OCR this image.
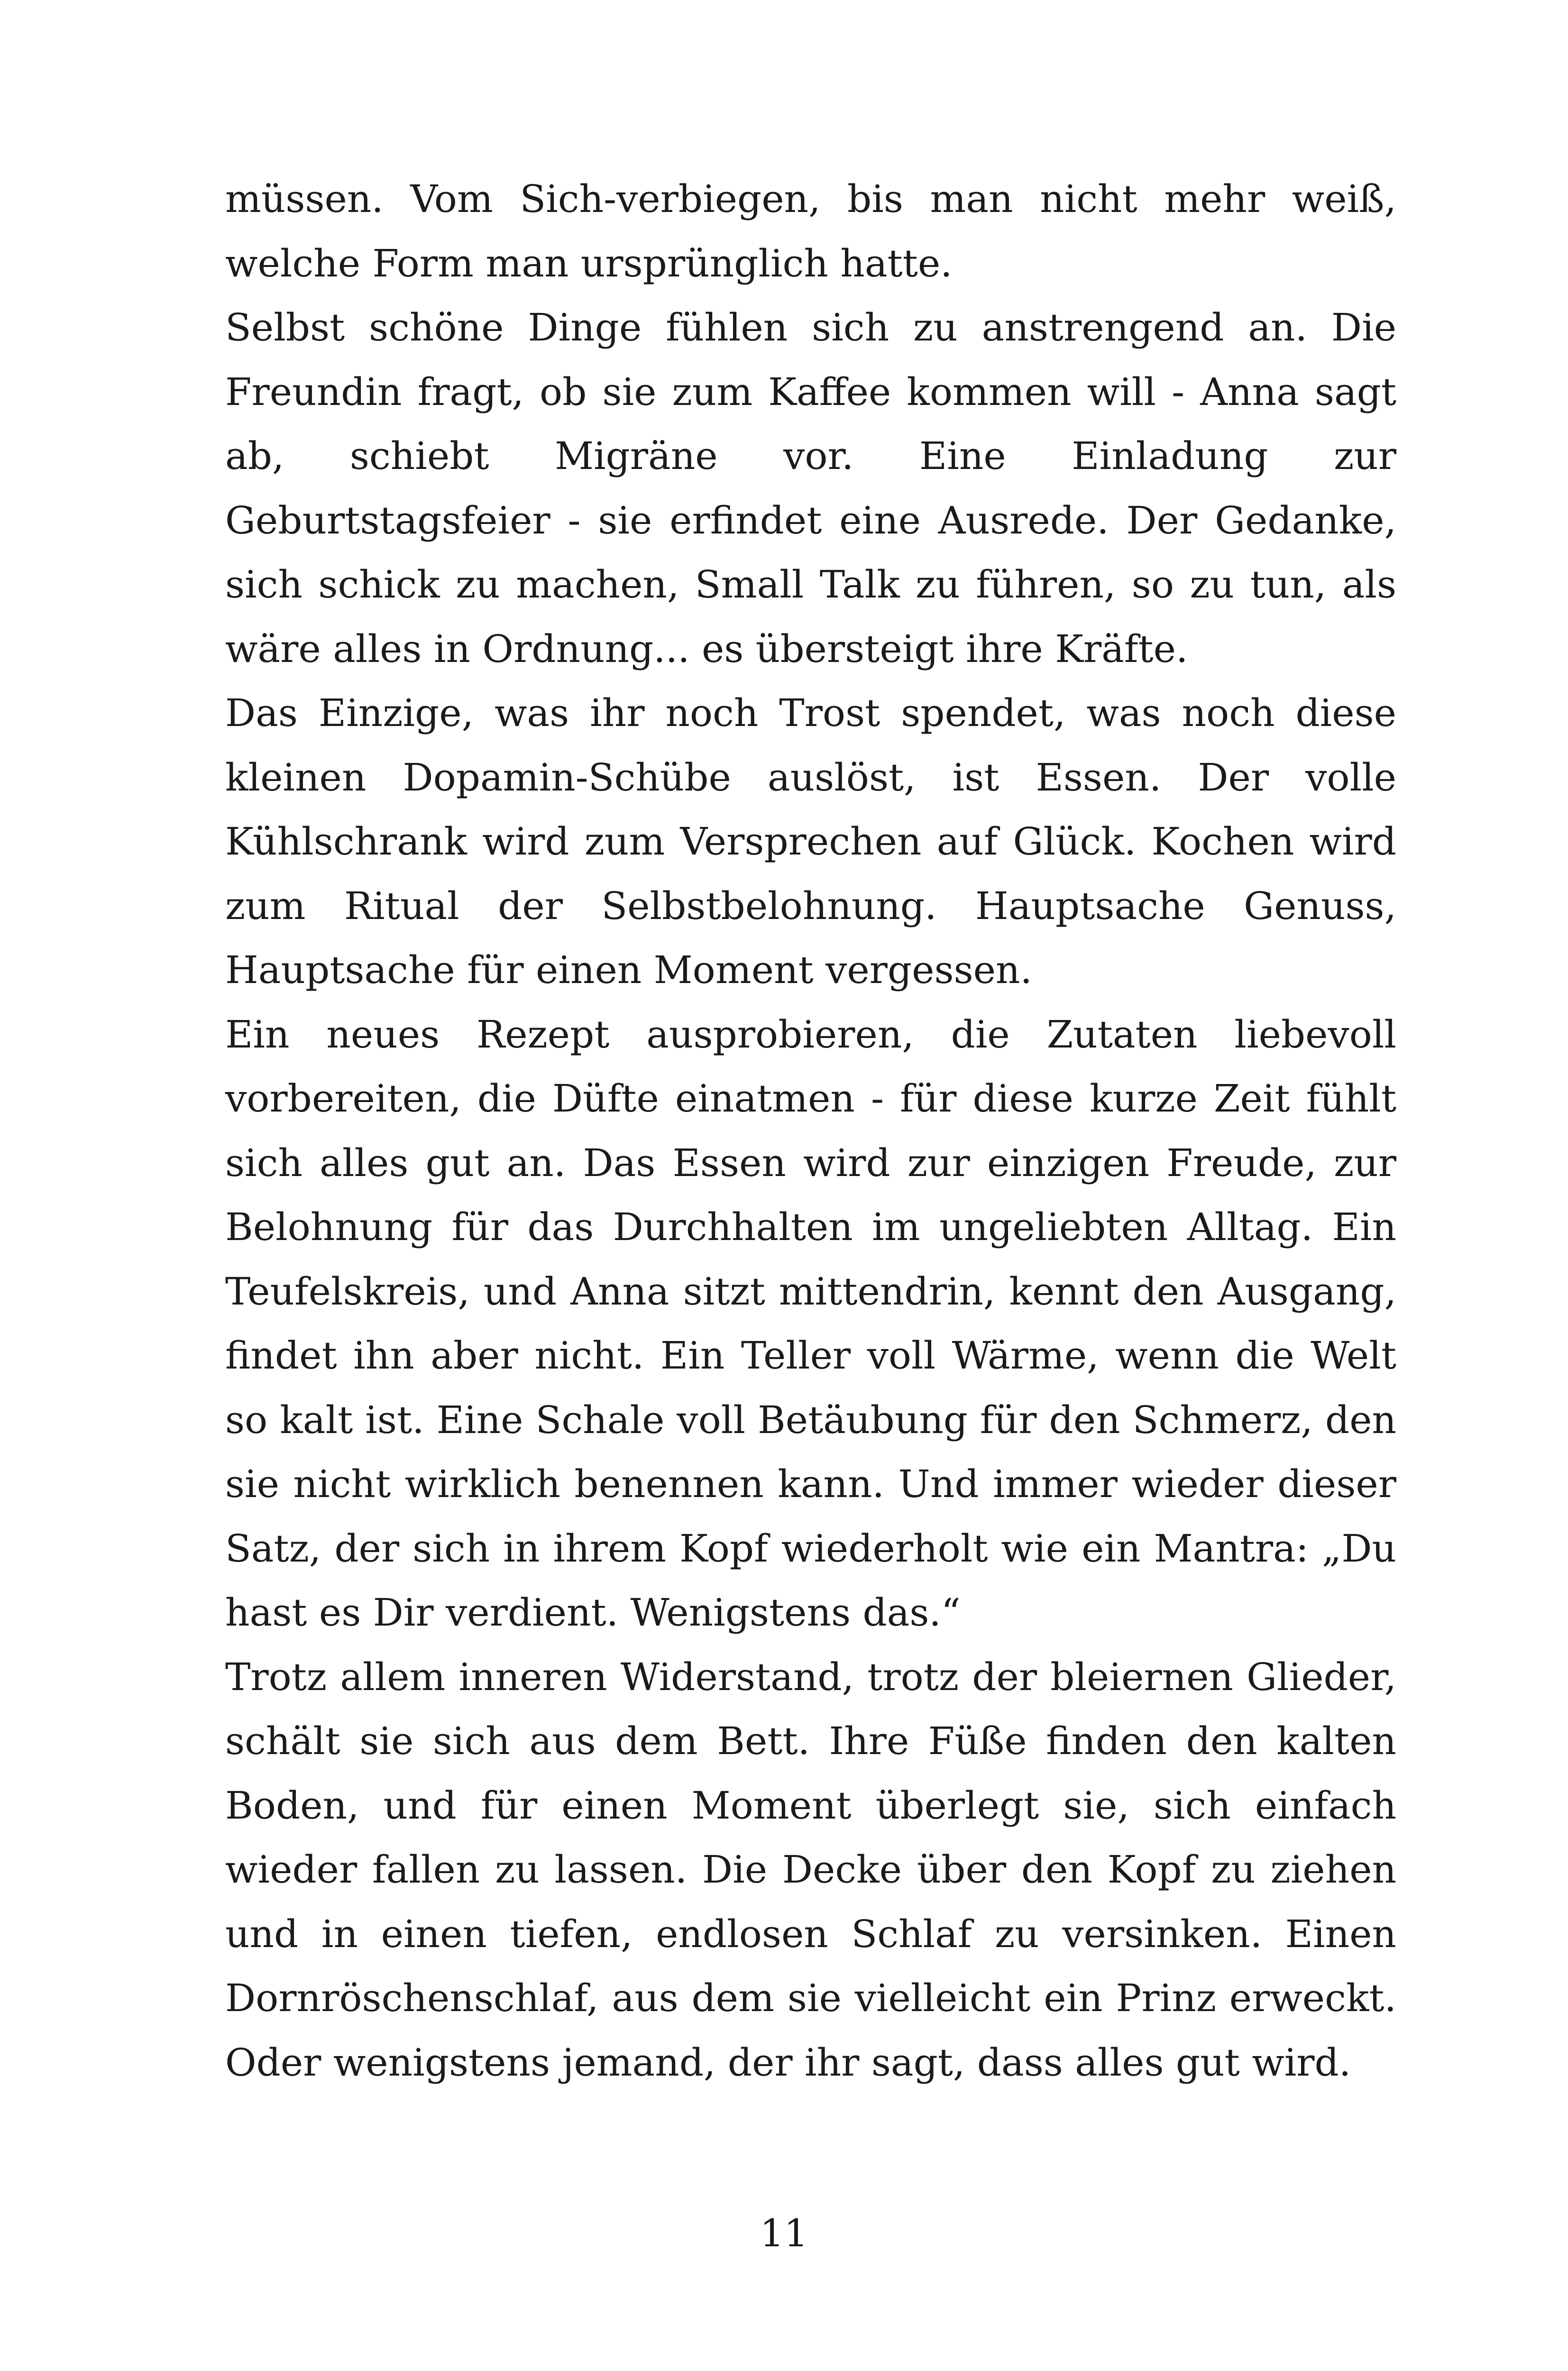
müssen. Vom Sich-verbiegen, bis man nicht mehr weiß, welche Form man ursprünglich hatte.

Selbst schöne Dinge fühlen sich zu anstrengend an. Die Freundin fragt, ob sie zum Kaffee kommen will - Anna sagt ab, schiebt Migräne vor. Eine Einladung zur Geburtstagsfeier - sie erfindet eine Ausrede. Der Gedanke, sich schick zu machen, Small Talk zu führen, so zu tun, als wäre alles in Ordnung... es übersteigt ihre Kräfte.

Das Einzige, was ihr noch Trost spendet, was noch diese kleinen Dopamin-Schübe auslöst, ist Essen. Der volle Kühlschrank wird zum Versprechen auf Glück. Kochen wird zum Ritual der Selbstbelohnung. Hauptsache Genuss, Hauptsache für einen Moment vergessen.

Ein neues Rezept ausprobieren, die Zutaten liebevoll vorbereiten, die Düfte einatmen - für diese kurze Zeit fühlt sich alles gut an. Das Essen wird zur einzigen Freude, zur Belohnung für das Durchhalten im ungeliebten Alltag. Ein Teufelskreis, und Anna sitzt mittendrin, kennt den Ausgang, findet ihn aber nicht. Ein Teller voll Wärme, wenn die Welt so kalt ist. Eine Schale voll Betäubung für den Schmerz, den sie nicht wirklich benennen kann. Und immer wieder dieser Satz, der sich in ihrem Kopf wiederholt wie ein Mantra: „Du hast es Dir verdient. Wenigstens das.“

Trotz allem inneren Widerstand, trotz der bleiernen Glieder, schält sie sich aus dem Bett. Ihre Füße finden den kalten Boden, und für einen Moment überlegt sie, sich einfach wieder fallen zu lassen. Die Decke über den Kopf zu ziehen und in einen tiefen, endlosen Schlaf zu versinken. Einen Dornröschenschlaf, aus dem sie vielleicht ein Prinz erweckt. Oder wenigstens jemand, der ihr sagt, dass alles gut wird.

11
